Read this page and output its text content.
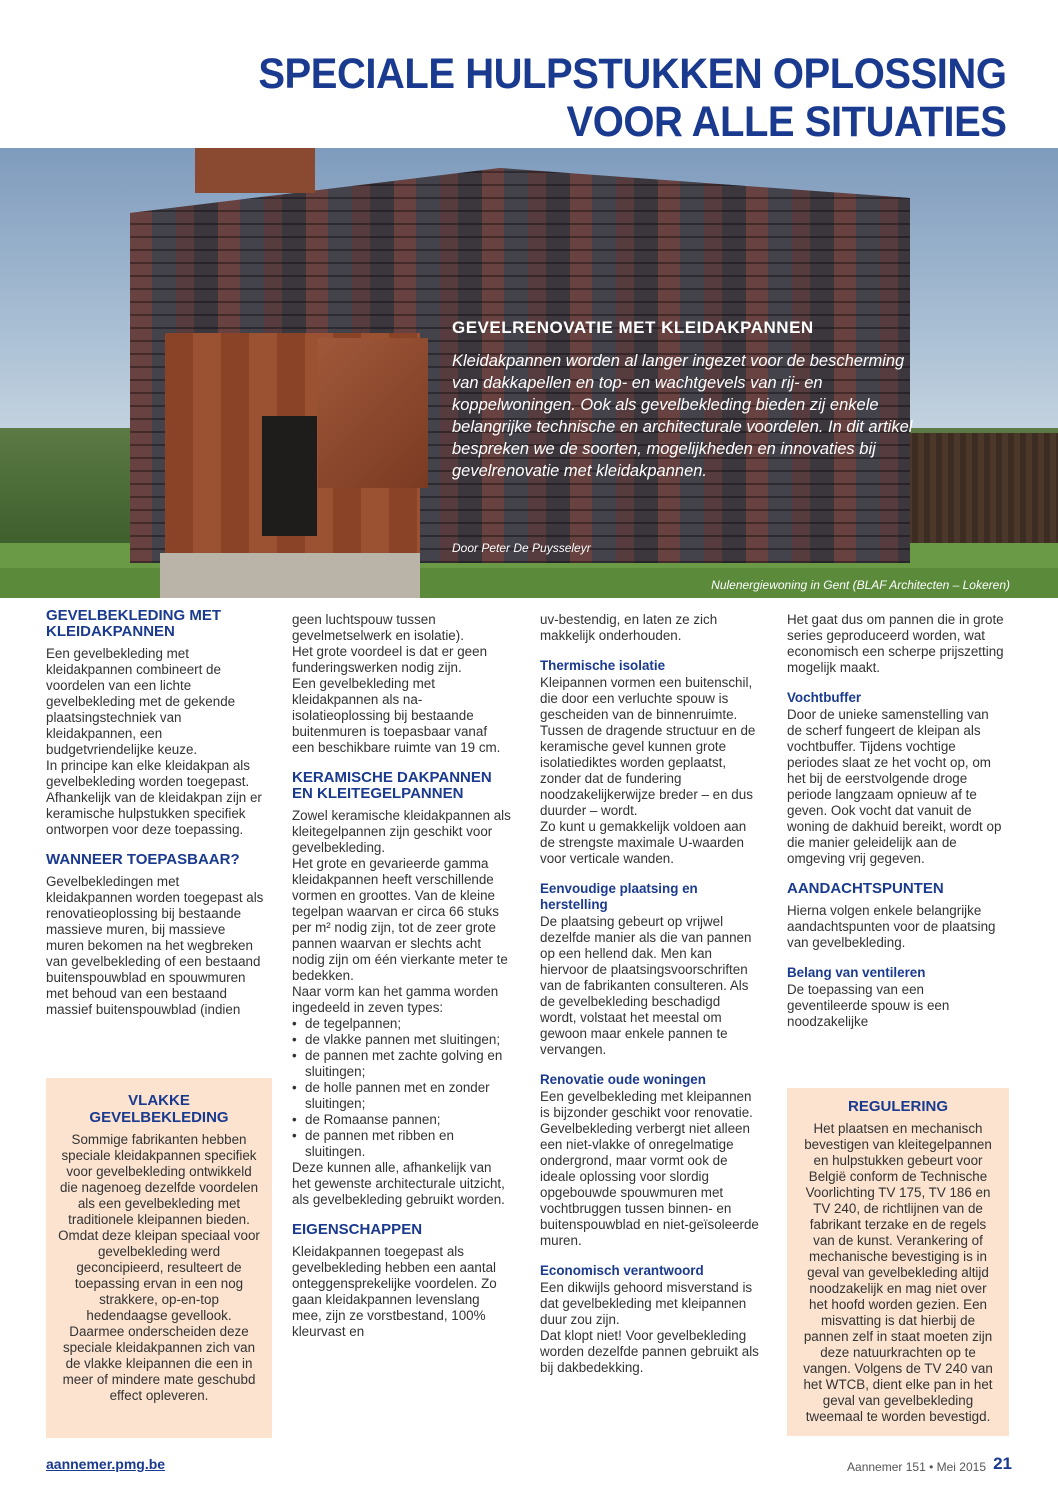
SPECIALE HULPSTUKKEN OPLOSSING
VOOR ALLE SITUATIES
GEVELRENOVATIE MET KLEIDAKPANNEN

Kleidakpannen worden al langer ingezet voor de bescherming van dakkapellen en top- en wachtgevels van rij- en koppelwoningen. Ook als gevelbekleding bieden zij enkele belangrijke technische en architecturale voordelen. In dit artikel bespreken we de soorten, mogelijkheden en innovaties bij gevelrenovatie met kleidakpannen.

Door Peter De Puysseleyr

Nulenergiewoning in Gent (BLAF Architecten – Lokeren)

GEVELBEKLEDING MET KLEIDAKPANNEN

Een gevelbekleding met kleidakpannen combineert de voordelen van een lichte gevelbekleding met de gekende plaatsingstechniek van kleidakpannen, een budgetvriendelijke keuze.

In principe kan elke kleidakpan als gevelbekleding worden toegepast. Afhankelijk van de kleidakpan zijn er keramische hulpstukken specifiek ontworpen voor deze toepassing.

WANNEER TOEPASBAAR?

Gevelbekledingen met kleidakpannen worden toegepast als renovatieoplossing bij bestaande massieve muren, bij massieve muren bekomen na het wegbreken van gevelbekleding of een bestaand buitenspouwblad en spouwmuren met behoud van een bestaand massief buitenspouwblad (indien

VLAKKE GEVELBEKLEDING

Sommige fabrikanten hebben speciale kleidakpannen specifiek voor gevelbekleding ontwikkeld die nagenoeg dezelfde voordelen als een gevelbekleding met traditionele kleipannen bieden. Omdat deze kleipan speciaal voor gevelbekleding werd geconcipieerd, resulteert de toepassing ervan in een nog strakkere, op-en-top hedendaagse gevellook. Daarmee onderscheiden deze speciale kleidakpannen zich van de vlakke kleipannen die een in meer of mindere mate geschubd effect opleveren.

geen luchtspouw tussen gevelmetselwerk en isolatie).

Het grote voordeel is dat er geen funderingswerken nodig zijn.

Een gevelbekleding met kleidakpannen als na-isolatieoplossing bij bestaande buitenmuren is toepasbaar vanaf een beschikbare ruimte van 19 cm.

KERAMISCHE DAKPANNEN EN KLEITEGELPANNEN

Zowel keramische kleidakpannen als kleitegelpannen zijn geschikt voor gevelbekleding.

Het grote en gevarieerde gamma kleidakpannen heeft verschillende vormen en groottes. Van de kleine tegelpan waarvan er circa 66 stuks per m² nodig zijn, tot de zeer grote pannen waarvan er slechts acht nodig zijn om één vierkante meter te bedekken.

Naar vorm kan het gamma worden ingedeeld in zeven types:

• de tegelpannen;
• de vlakke pannen met sluitingen;
• de pannen met zachte golving en sluitingen;
• de holle pannen met en zonder sluitingen;
• de Romaanse pannen;
• de pannen met ribben en sluitingen.

Deze kunnen alle, afhankelijk van het gewenste architecturale uitzicht, als gevelbekleding gebruikt worden.

EIGENSCHAPPEN

Kleidakpannen toegepast als gevelbekleding hebben een aantal onteggensprekelijke voordelen. Zo gaan kleidakpannen levenslang mee, zijn ze vorstbestand, 100% kleurvast en

uv-bestendig, en laten ze zich makkelijk onderhouden.

Thermische isolatie

Kleipannen vormen een buitenschil, die door een verluchte spouw is gescheiden van de binnenruimte. Tussen de dragende structuur en de keramische gevel kunnen grote isolatiediktes worden geplaatst, zonder dat de fundering noodzakelijkerwijze breder – en dus duurder – wordt.

Zo kunt u gemakkelijk voldoen aan de strengste maximale U-waarden voor verticale wanden.

Eenvoudige plaatsing en herstelling

De plaatsing gebeurt op vrijwel dezelfde manier als die van pannen op een hellend dak. Men kan hiervoor de plaatsingsvoorschriften van de fabrikanten consulteren. Als de gevelbekleding beschadigd wordt, volstaat het meestal om gewoon maar enkele pannen te vervangen.

Renovatie oude woningen

Een gevelbekleding met kleipannen is bijzonder geschikt voor renovatie. Gevelbekleding verbergt niet alleen een niet-vlakke of onregelmatige ondergrond, maar vormt ook de ideale oplossing voor slordig opgebouwde spouwmuren met vochtbruggen tussen binnen- en buitenspouwblad en niet-geïsoleerde muren.

Economisch verantwoord

Een dikwijls gehoord misverstand is dat gevelbekleding met kleipannen duur zou zijn.

Dat klopt niet! Voor gevelbekleding worden dezelfde pannen gebruikt als bij dakbedekking.

Het gaat dus om pannen die in grote series geproduceerd worden, wat economisch een scherpe prijszetting mogelijk maakt.

Vochtbuffer

Door de unieke samenstelling van de scherf fungeert de kleipan als vochtbuffer. Tijdens vochtige periodes slaat ze het vocht op, om het bij de eerstvolgende droge periode langzaam opnieuw af te geven. Ook vocht dat vanuit de woning de dakhuid bereikt, wordt op die manier geleidelijk aan de omgeving vrij gegeven.

AANDACHTSPUNTEN

Hierna volgen enkele belangrijke aandachtspunten voor de plaatsing van gevelbekleding.

Belang van ventileren

De toepassing van een geventileerde spouw is een noodzakelijke

REGULERING

Het plaatsen en mechanisch bevestigen van kleitegelpannen en hulpstukken gebeurt voor België conform de Technische Voorlichting TV 175, TV 186 en TV 240, de richtlijnen van de fabrikant terzake en de regels van de kunst. Verankering of mechanische bevestiging is in geval van gevelbekleding altijd noodzakelijk en mag niet over het hoofd worden gezien. Een misvatting is dat hierbij de pannen zelf in staat moeten zijn deze natuurkrachten op te vangen. Volgens de TV 240 van het WTCB, dient elke pan in het geval van gevelbekleding tweemaal te worden bevestigd.

aannemer.pmg.be	Aannemer 151 • Mei 2015 21
